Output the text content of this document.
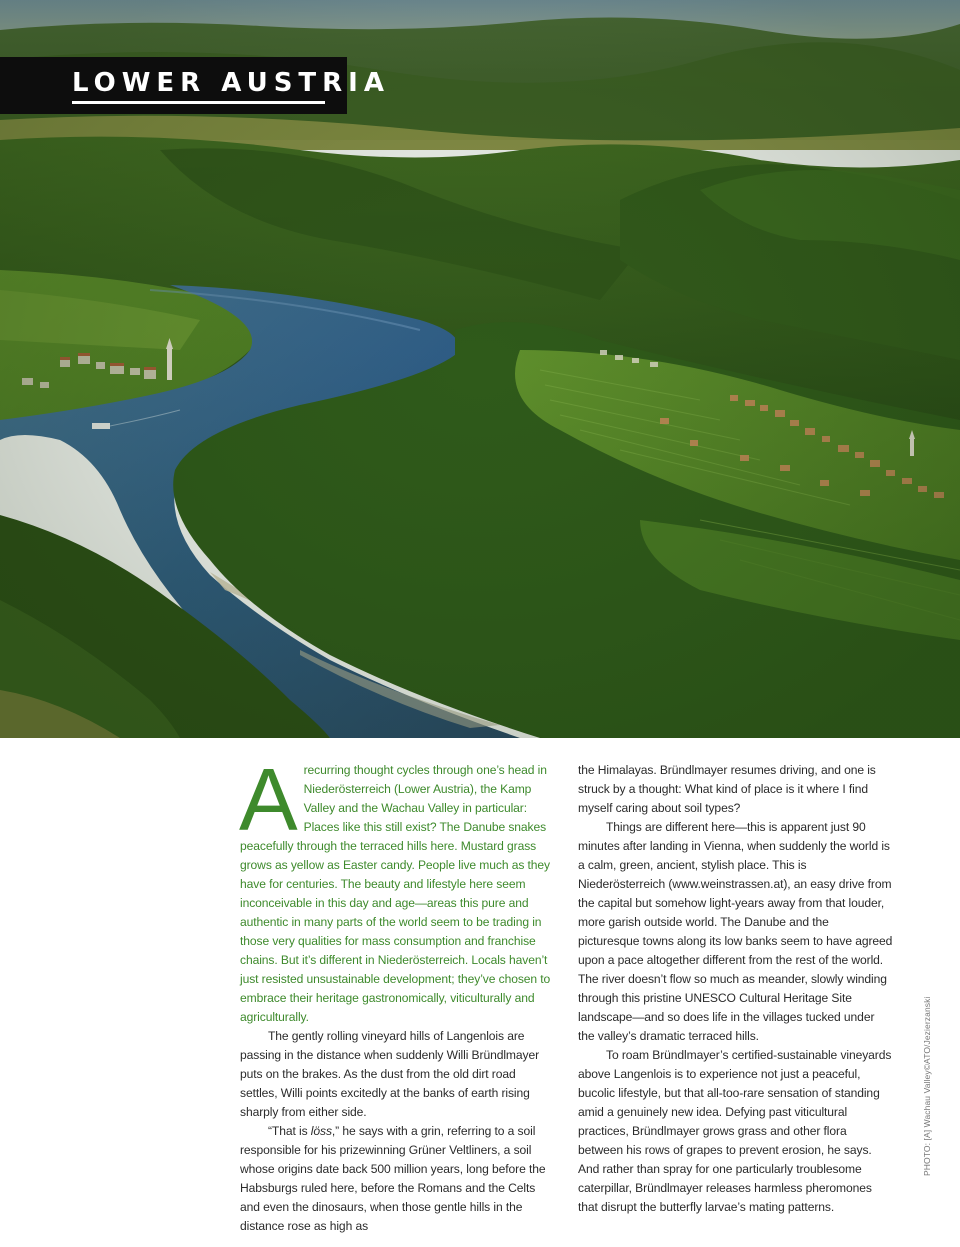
LOWER AUSTRIA

Arecurring thought cycles through one’s head in Niederösterreich (Lower Austria), the Kamp Valley and the Wachau Valley in particular: Places like this still exist? The Danube snakes peacefully through the terraced hills here. Mustard grass grows as yellow as Easter candy. People live much as they have for centuries. The beauty and lifestyle here seem inconceivable in this day and age—areas this pure and authentic in many parts of the world seem to be trading in those very qualities for mass consumption and franchise chains. But it’s different in Niederösterreich. Locals haven’t just resisted unsustainable development; they’ve chosen to embrace their heritage gastronomically, viticulturally and agriculturally.

The gently rolling vineyard hills of Langenlois are passing in the distance when suddenly Willi Bründlmayer puts on the brakes. As the dust from the old dirt road settles, Willi points excitedly at the banks of earth rising sharply from either side.

“That is löss,” he says with a grin, referring to a soil responsible for his prizewinning Grüner Veltliners, a soil whose origins date back 500 million years, long before the Habsburgs ruled here, before the Romans and the Celts and even the dinosaurs, when those gentle hills in the distance rose as high as

the Himalayas. Bründlmayer resumes driving, and one is struck by a thought: What kind of place is it where I find myself caring about soil types?

Things are different here—this is apparent just 90 minutes after landing in Vienna, when suddenly the world is a calm, green, ancient, stylish place. This is Niederösterreich (www.weinstrassen.at), an easy drive from the capital but somehow light-years away from that louder, more garish outside world. The Danube and the picturesque towns along its low banks seem to have agreed upon a pace altogether different from the rest of the world. The river doesn’t flow so much as meander, slowly winding through this pristine UNESCO Cultural Heritage Site landscape—and so does life in the villages tucked under the valley’s dramatic terraced hills.

To roam Bründlmayer’s certified-sustainable vineyards above Langenlois is to experience not just a peaceful, bucolic lifestyle, but that all-too-rare sensation of standing amid a genuinely new idea. Defying past viticultural practices, Bründlmayer grows grass and other flora between his rows of grapes to prevent erosion, he says. And rather than spray for one particularly troublesome caterpillar, Bründlmayer releases harmless pheromones that disrupt the butterfly larvae’s mating patterns.

PHOTO: [A] Wachau Valley©ATO/Jezierzanski
